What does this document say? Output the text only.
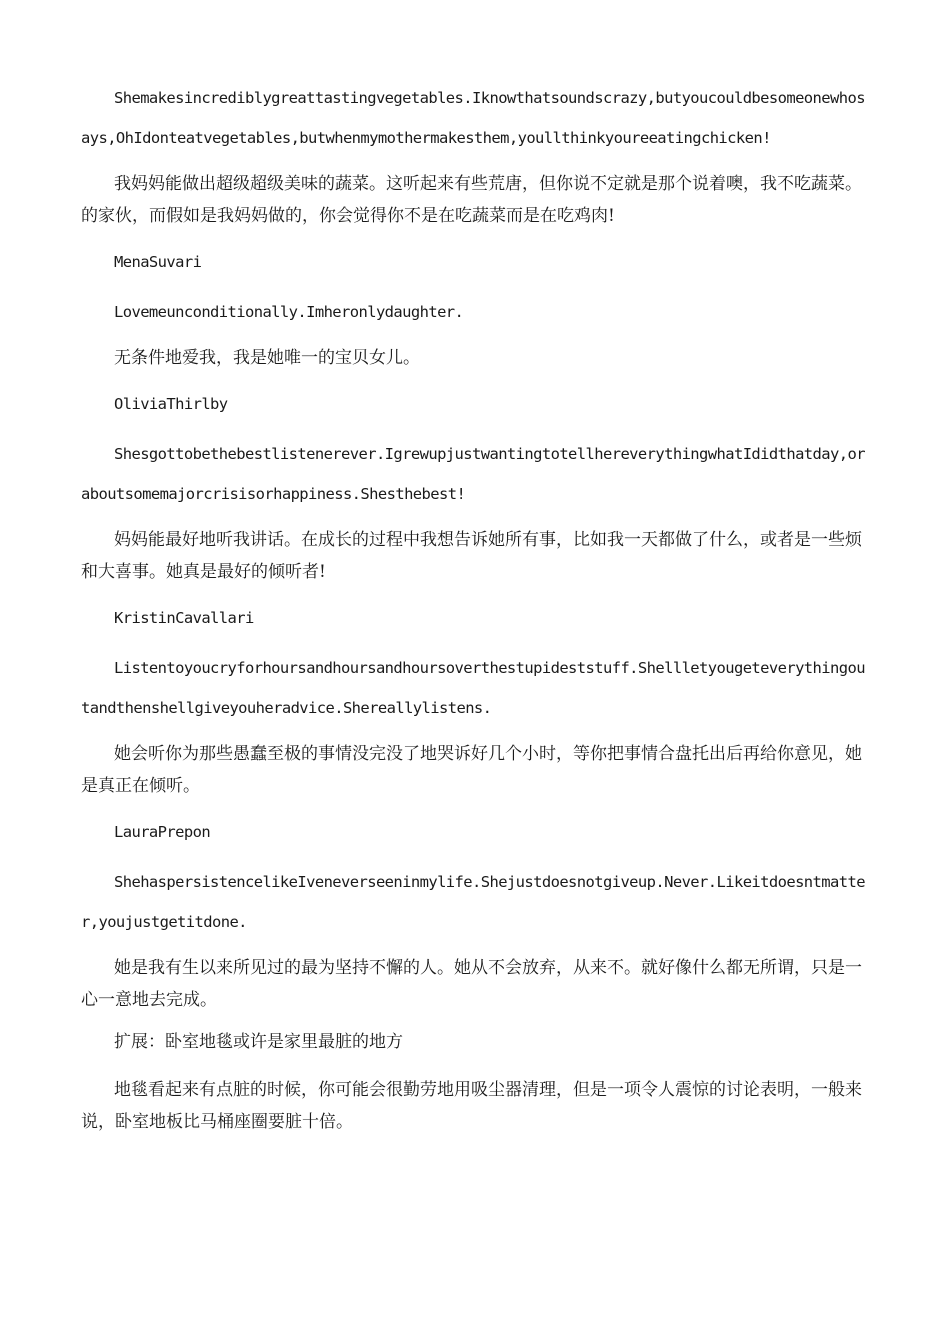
Shemakesincrediblygreattastingvegetables.Iknowthatsoundscrazy,butyoucouldbesomeonewhosays,OhIdonteatvegetables,butwhenmymothermakesthem,youllthinkyoureeatingchicken!

我妈妈能做出超级超级美味的蔬菜。这听起来有些荒唐，但你说不定就是那个说着噢，我不吃蔬菜。的家伙，而假如是我妈妈做的，你会觉得你不是在吃蔬菜而是在吃鸡肉!

MenaSuvari

Lovemeunconditionally.Imheronlydaughter.

无条件地爱我，我是她唯一的宝贝女儿。

OliviaThirlby

Shesgottobethebestlistenerever.IgrewupjustwantingtotellhereverythingwhatIdidthatday,oraboutsomemajorcrisisorhappiness.Shesthebest!

妈妈能最好地听我讲话。在成长的过程中我想告诉她所有事，比如我一天都做了什么，或者是一些烦和大喜事。她真是最好的倾听者!

KristinCavallari

Listentoyoucryforhoursandhoursandhoursoverthestupideststuff.Shellletyougeteverythingoutandthenshellgiveyouheradvice.Shereallylistens.

她会听你为那些愚蠢至极的事情没完没了地哭诉好几个小时，等你把事情合盘托出后再给你意见，她是真正在倾听。

LauraPrepon

ShehaspersistencelikeIveneverseeninmylife.Shejustdoesnotgiveup.Never.Likeitdoesntmatter,youjustgetitdone.

她是我有生以来所见过的最为坚持不懈的人。她从不会放弃，从来不。就好像什么都无所谓，只是一心一意地去完成。

扩展：卧室地毯或许是家里最脏的地方

地毯看起来有点脏的时候，你可能会很勤劳地用吸尘器清理，但是一项令人震惊的讨论表明，一般来说，卧室地板比马桶座圈要脏十倍。
